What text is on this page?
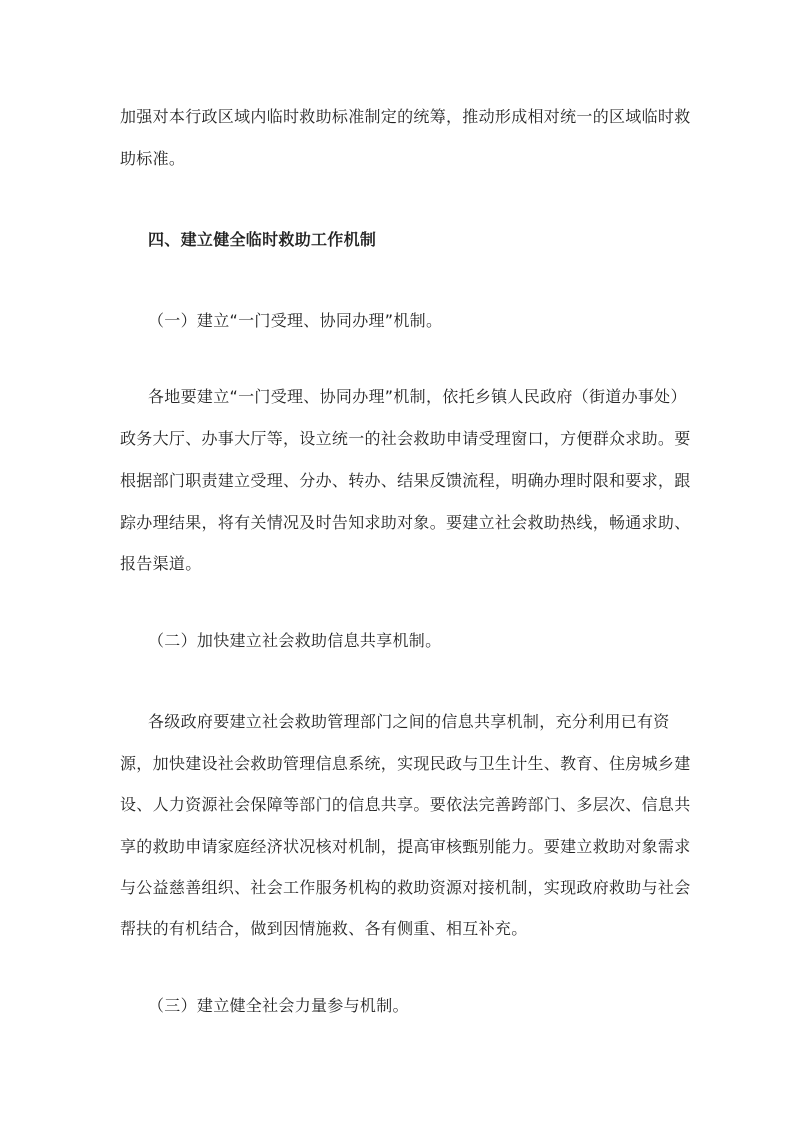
加强对本行政区域内临时救助标准制定的统筹，推动形成相对统一的区域临时救
助标准。
四、建立健全临时救助工作机制
（一）建立“一门受理、协同办理”机制。
各地要建立“一门受理、协同办理”机制，依托乡镇人民政府（街道办事处）
政务大厅、办事大厅等，设立统一的社会救助申请受理窗口，方便群众求助。要
根据部门职责建立受理、分办、转办、结果反馈流程，明确办理时限和要求，跟
踪办理结果，将有关情况及时告知求助对象。要建立社会救助热线，畅通求助、
报告渠道。
（二）加快建立社会救助信息共享机制。
各级政府要建立社会救助管理部门之间的信息共享机制，充分利用已有资
源，加快建设社会救助管理信息系统，实现民政与卫生计生、教育、住房城乡建
设、人力资源社会保障等部门的信息共享。要依法完善跨部门、多层次、信息共
享的救助申请家庭经济状况核对机制，提高审核甄别能力。要建立救助对象需求
与公益慈善组织、社会工作服务机构的救助资源对接机制，实现政府救助与社会
帮扶的有机结合，做到因情施救、各有侧重、相互补充。
（三）建立健全社会力量参与机制。
